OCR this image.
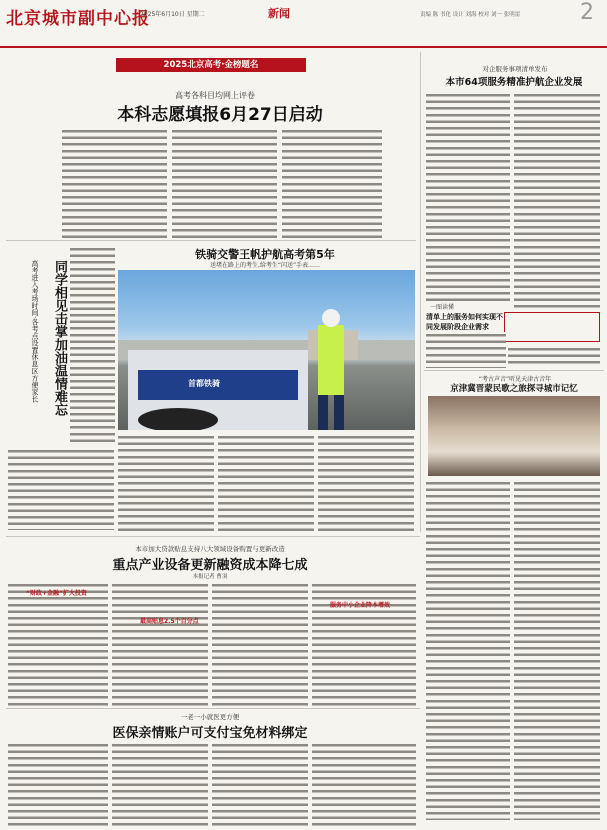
北京城市副中心报
2025年6月10日 星期二	新闻	责编 陈 书化 设计 刘海 校对 刘一 张明雷	2
2025北京高考·金榜题名
高考各科目均网上评卷
本科志愿填报6月27日启动
同学相见击掌加油温情难忘
高考进入考场时间·各考点设置休息区方便家长
铁骑交警王帆护航高考第5年
送堵在路上的考生,给考生“闪送”手表……
首都铁骑
对企服务事项清单发布
本市64项服务精准护航企业发展
一图读懂
清单上的服务如何实现不同发展阶段企业需求
“考古声音”听见天津古音年
京津冀晋蒙民歌之旅探寻城市记忆
本市加大贷款贴息支持八大领域设备购置与更新改造
重点产业设备更新融资成本降七成
本报记者 曹羽
“财政+金融”扩大投资
最高贴息2.5个百分点
服务中小企业降本增效
一老一小就医更方便
医保亲情账户可支付宝免材料绑定
